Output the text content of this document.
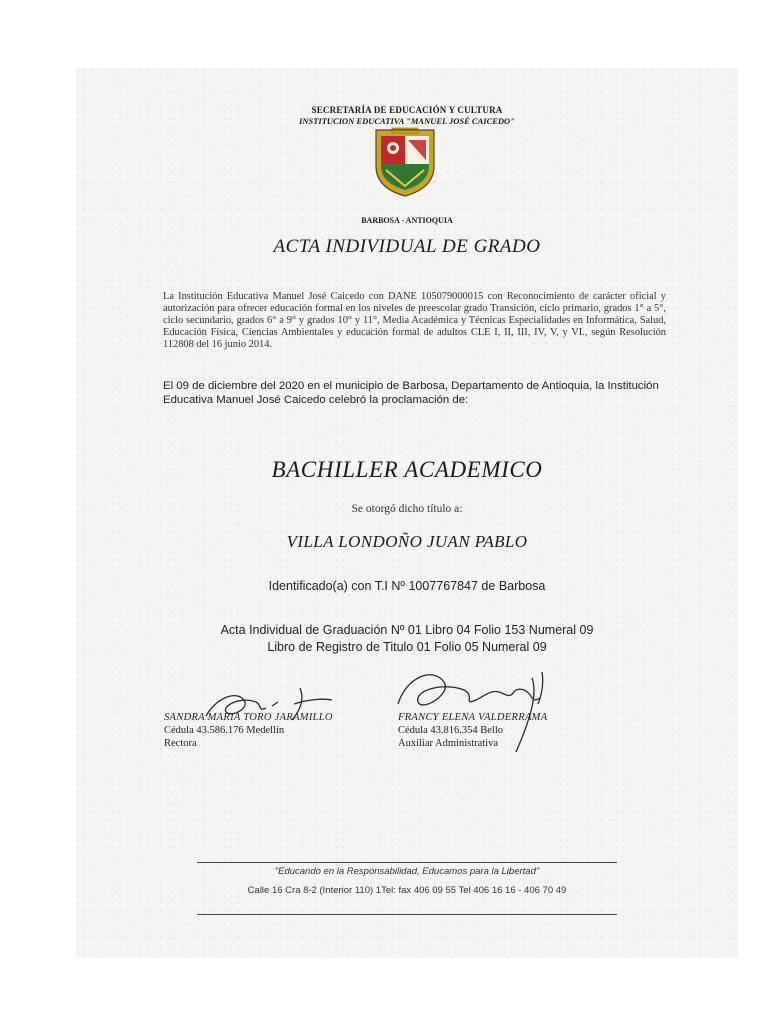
SECRETARÍA DE EDUCACIÓN Y CULTURA
INSTITUCION EDUCATIVA "MANUEL JOSÉ CAICEDO"
BARBOSA - ANTIOQUIA
ACTA INDIVIDUAL DE GRADO
La Institución Educativa Manuel José Caicedo con DANE 105079000015 con Reconocimiento de carácter oficial y autorización para ofrecer educación formal en los niveles de preescolar grado Transición, ciclo primario, grados 1° a 5°, ciclo secundario, grados 6° a 9° y grados 10° y 11°, Media Académica y Técnicas Especialidades en Informática, Salud, Educación Física, Ciencias Ambientales y educación formal de adultos CLE I, II, III, IV, V, y VI., según Resolución 112808 del 16 junio 2014.
El 09 de diciembre del 2020 en el municipio de Barbosa, Departamento de Antioquia, la Institución Educativa Manuel José Caicedo celebró la proclamación de:
BACHILLER ACADEMICO
Se otorgó dicho título a:
VILLA LONDOÑO JUAN PABLO
Identificado(a) con T.I Nº 1007767847 de Barbosa
Acta Individual de Graduación Nº 01 Libro 04 Folio 153 Numeral 09
Libro de Registro de Titulo 01 Folio 05 Numeral 09
SANDRA MARIA TORO JARAMILLO
Cédula 43.586.176 Medellín
Rectora
FRANCY ELENA VALDERRAMA
Cédula 43.816.354 Bello
Auxiliar Administrativa
"Educando en la Responsabilidad, Educamos para la Libertad"
Calle 16 Cra 8-2 (Interior 110) 1Tel: fax 406 09 55 Tel 406 16 16 - 406 70 49
